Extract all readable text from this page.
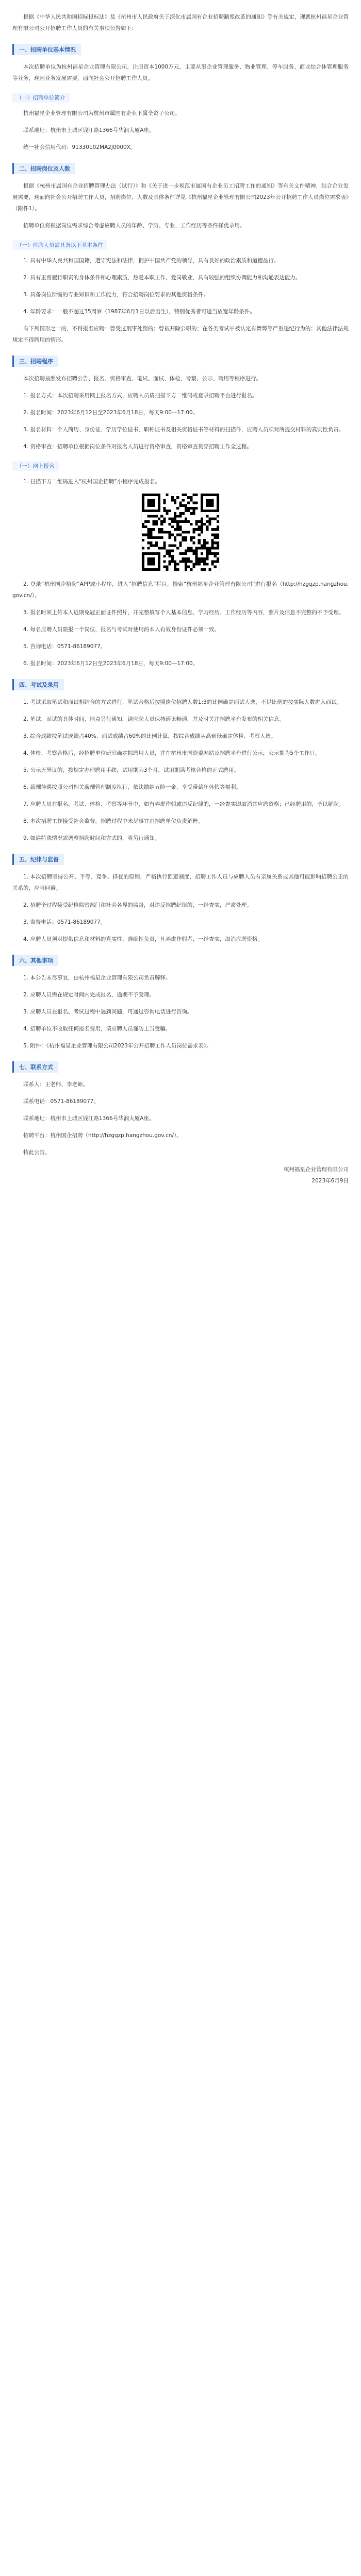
根据《中华人民共和国招标投标法》及《杭州市人民政府关于深化市属国有企业招聘制度改革的通知》等有关规定，现就杭州福星企业管理有限公司公开招聘工作人员的有关事项公告如下：

一、招聘单位基本情况

本次招聘单位为杭州福星企业管理有限公司，注册资本1000万元，主要从事企业管理服务、物业管理、停车服务、商业综合体管理服务等业务，现因业务发展需要，面向社会公开招聘工作人员。

（一）招聘单位简介

杭州福星企业管理有限公司为杭州市属国有企业下属全资子公司。

联系地址：杭州市上城区钱江路1366号华润大厦A座。

统一社会信用代码：91330102MA2J0000X。

二、招聘岗位及人数

根据《杭州市属国有企业招聘管理办法（试行）》和《关于进一步规范市属国有企业员工招聘工作的通知》等有关文件精神，结合企业发展需要，现面向社会公开招聘工作人员，招聘岗位、人数及具体条件详见《杭州福星企业管理有限公司2023年公开招聘工作人员岗位需求表》（附件1）。

招聘单位将根据岗位需求综合考虑应聘人员的年龄、学历、专业、工作经历等条件择优录用。

（一）应聘人员需具备以下基本条件

1. 具有中华人民共和国国籍，遵守宪法和法律，拥护中国共产党的领导，具有良好的政治素质和道德品行。

2. 具有正常履行职责的身体条件和心理素质，热爱本职工作，爱岗敬业，具有较强的组织协调能力和沟通表达能力。

3. 具备岗位所需的专业知识和工作能力，符合招聘岗位要求的其他资格条件。

4. 年龄要求：一般不超过35周岁（1987年6月1日以后出生），特别优秀者可适当放宽年龄条件。

有下列情形之一的，不得报名应聘：曾受过刑事处罚的；曾被开除公职的；在各类考试中被认定有舞弊等严重违纪行为的；其他法律法规规定不得聘用的情形。

三、招聘程序

本次招聘按照发布招聘公告、报名、资格审查、笔试、面试、体检、考察、公示、聘用等程序进行。

1. 报名方式：本次招聘采用网上报名方式，应聘人员请扫描下方二维码或登录招聘平台进行报名。

2. 报名时间：2023年6月12日至2023年6月18日，每天9:00—17:00。

3. 报名材料：个人简历、身份证、学历学位证书、职称证书及相关资格证书等材料的扫描件，应聘人员须对所提交材料的真实性负责。

4. 资格审查：招聘单位根据岗位条件对报名人员进行资格审查，资格审查贯穿招聘工作全过程。

（一）网上报名

1. 扫描下方二维码进入“杭州国企招聘”小程序完成报名。

2. 登录“杭州国企招聘”APP或小程序，进入“招聘信息”栏目，搜索“杭州福星企业管理有限公司”进行报名（http://hzgqzp.hangzhou.gov.cn/）。

3. 报名时须上传本人近期免冠正面证件照片，并完整填写个人基本信息、学习经历、工作经历等内容，照片及信息不完整的不予受理。

4. 每名应聘人员限报一个岗位，报名与考试时使用的本人有效身份证件必须一致。

5. 咨询电话：0571-86189077。

6. 报名时间：2023年6月12日至2023年6月18日，每天9:00—17:00。

四、考试及录用

1. 考试采取笔试和面试相结合的方式进行，笔试合格后按照岗位招聘人数1:3的比例确定面试人选，不足比例的按实际人数进入面试。

2. 笔试、面试的具体时间、地点另行通知，请应聘人员保持通讯畅通，并及时关注招聘平台发布的相关信息。

3. 综合成绩按笔试成绩占40%、面试成绩占60%的比例计算，按综合成绩从高到低确定体检、考察人选。

4. 体检、考察合格后，经招聘单位研究确定拟聘用人员，并在杭州市国资委网站及招聘平台进行公示，公示期为5个工作日。

5. 公示无异议的，按规定办理聘用手续，试用期为3个月，试用期满考核合格的正式聘用。

6. 薪酬待遇按照公司相关薪酬管理制度执行，依法缴纳五险一金，享受带薪年休假等福利。

7. 应聘人员在报名、考试、体检、考察等环节中，如有弄虚作假或违反纪律的，一经查实即取消其应聘资格；已经聘用的，予以解聘。

8. 本次招聘工作接受社会监督，招聘过程中未尽事宜由招聘单位负责解释。

9. 如遇特殊情况需调整招聘时间和方式的，将另行通知。

五、纪律与监督

1. 本次招聘坚持公开、平等、竞争、择优的原则，严格执行回避制度，招聘工作人员与应聘人员有亲属关系或其他可能影响招聘公正的关系的，应当回避。

2. 招聘全过程接受纪检监察部门和社会各界的监督，对违反招聘纪律的，一经查实，严肃处理。

3. 监督电话：0571-86189077。

4. 应聘人员须对提供信息和材料的真实性、准确性负责，凡弄虚作假者，一经查实，取消应聘资格。

六、其他事项

1. 本公告未尽事宜，由杭州福星企业管理有限公司负责解释。

2. 应聘人员需在规定时间内完成报名，逾期不予受理。

3. 应聘人员在报名、考试过程中遇到问题，可通过咨询电话进行咨询。

4. 招聘单位不收取任何报名费用，请应聘人员谨防上当受骗。

5. 附件：《杭州福星企业管理有限公司2023年公开招聘工作人员岗位需求表》。

七、联系方式

联系人：王老师、李老师。

联系电话：0571-86189077。

联系地址：杭州市上城区钱江路1366号华润大厦A座。

招聘平台：杭州国企招聘（http://hzgqzp.hangzhou.gov.cn/）。

特此公告。

杭州福星企业管理有限公司
2023年6月9日
